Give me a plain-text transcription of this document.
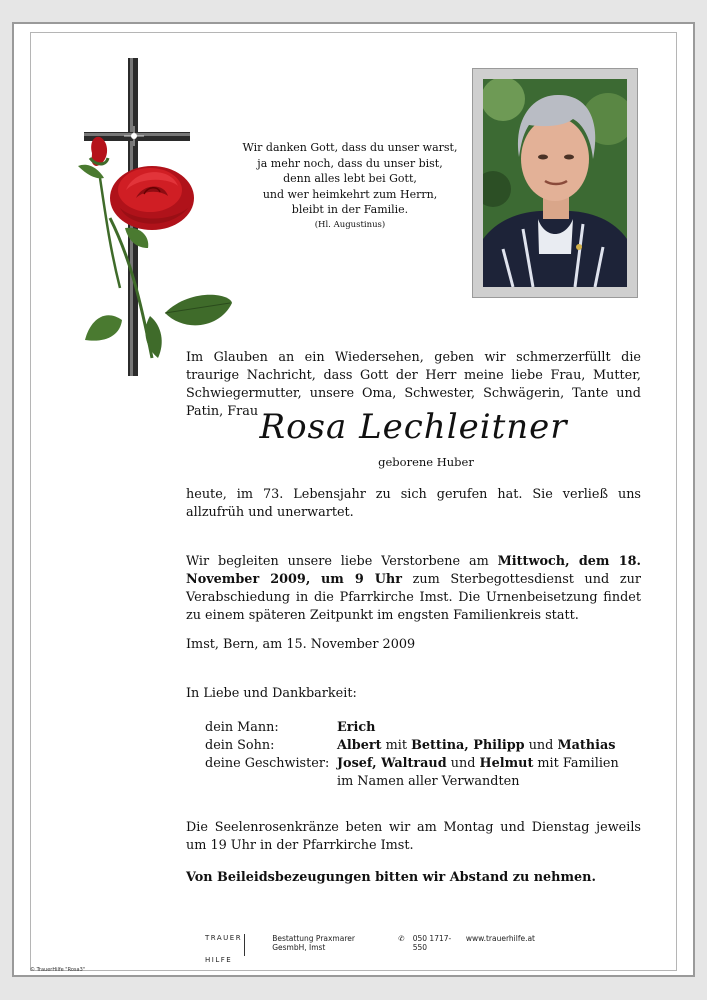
Wir danken Gott, dass du unser warst,
ja mehr noch, dass du unser bist,
denn alles lebt bei Gott,
und wer heimkehrt zum Herrn,
bleibt in der Familie.
(Hl. Augustinus)
Im Glauben an ein Wiedersehen, geben wir schmerzerfüllt die traurige Nachricht, dass Gott der Herr meine liebe Frau, Mutter, Schwiegermutter, unsere Oma, Schwester, Schwägerin, Tante und Patin, Frau Rosa Lechleitner
geborene Huber
heute, im 73. Lebensjahr zu sich gerufen hat. Sie verließ uns allzufrüh und unerwartet.
Wir begleiten unsere liebe Verstorbene am Mittwoch, dem 18. November 2009, um 9 Uhr zum Sterbegottesdienst und zur Verabschiedung in die Pfarrkirche Imst. Die Urnenbeisetzung findet zu einem späteren Zeitpunkt im engsten Familienkreis statt.
Imst, Bern, am 15. November 2009
In Liebe und Dankbarkeit:
dein Mann:	Erich
dein Sohn:	Albert mit Bettina, Philipp und Mathias
deine Geschwister: Josef, Waltraud und Helmut mit Familien
im Namen aller Verwandten
Die Seelenrosenkränze beten wir am Montag und Dienstag jeweils um 19 Uhr in der Pfarrkirche Imst.
Von Beileidsbezeugungen bitten wir Abstand zu nehmen.
TRAUERHILFE
Bestattung Praxmarer GesmbH, Imst
✆ 050 1717-550
www.trauerhilfe.at
© TrauerHilfe "Rosa3"
